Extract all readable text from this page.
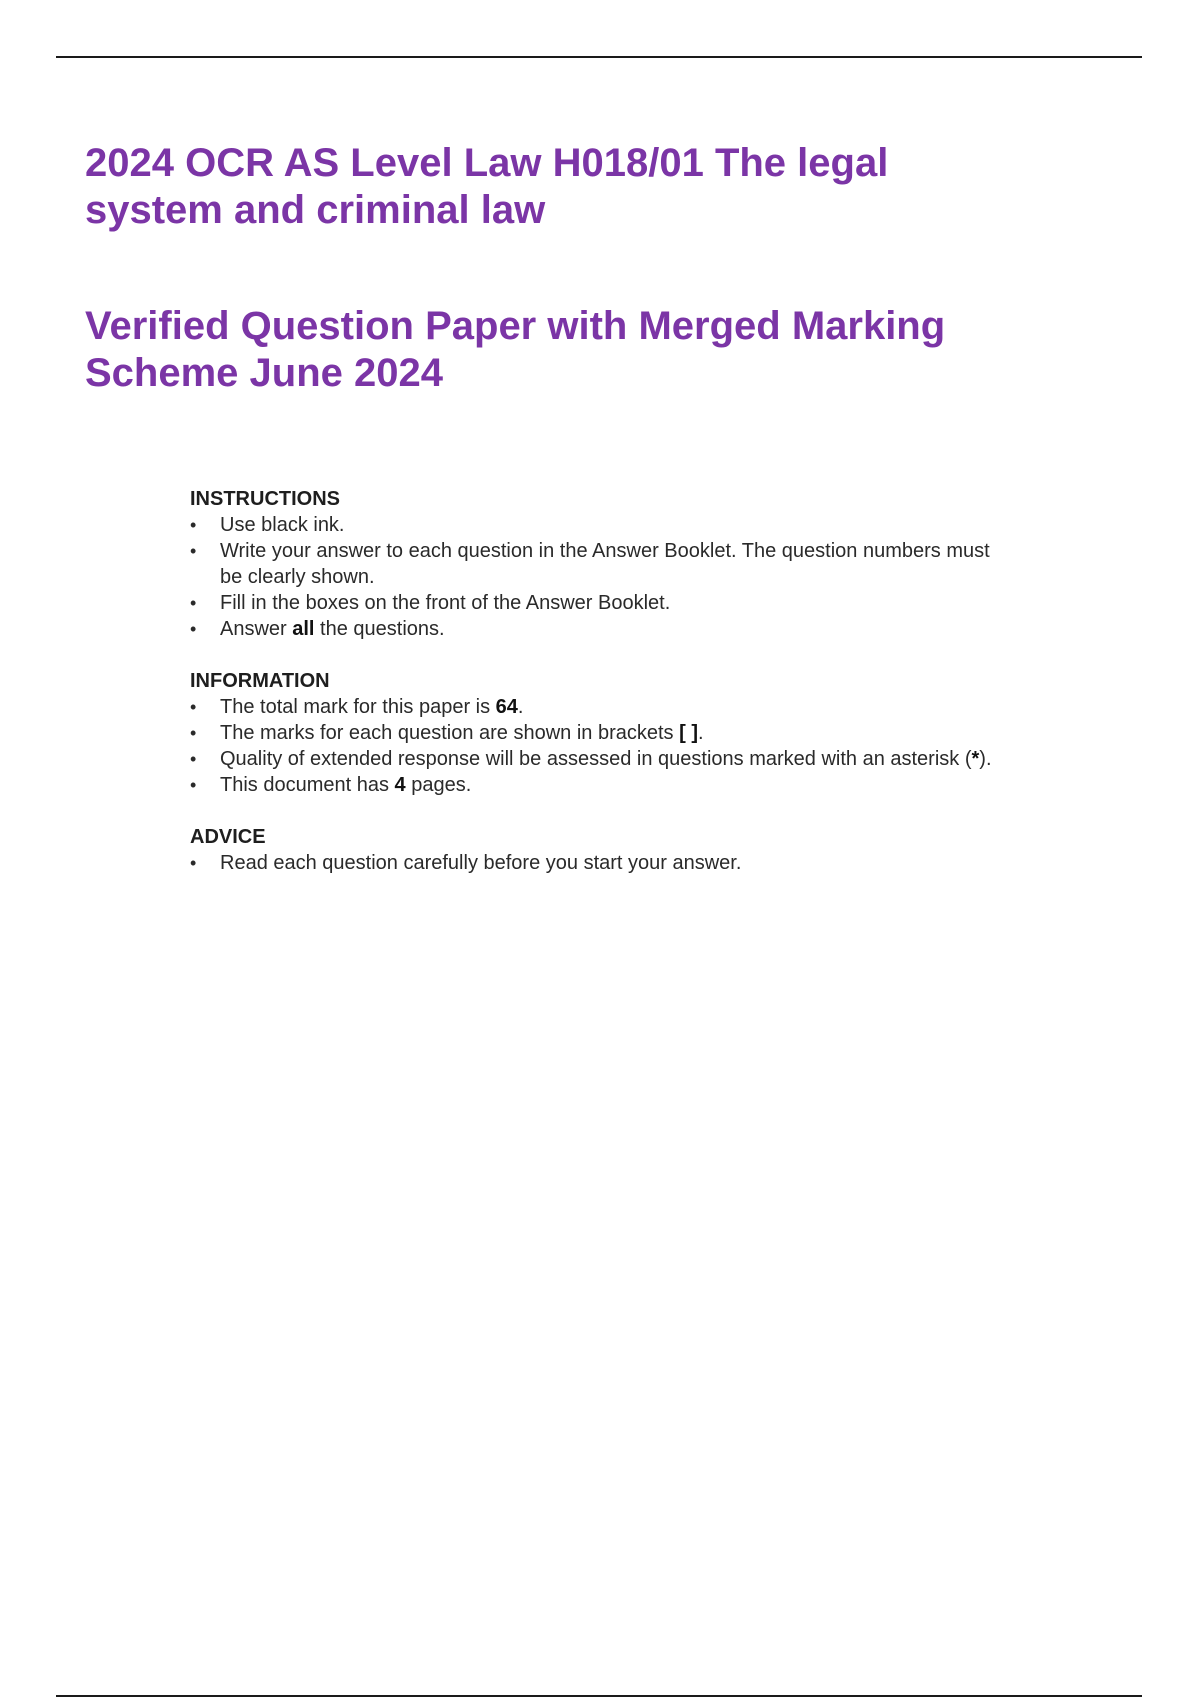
2024 OCR AS Level Law H018/01 The legal
system and criminal law
Verified Question Paper with Merged Marking
Scheme June 2024
INSTRUCTIONS
•	Use black ink.
•	Write your answer to each question in the Answer Booklet. The question numbers must
be clearly shown.
•	Fill in the boxes on the front of the Answer Booklet.
•	Answer all the questions.
INFORMATION
•	The total mark for this paper is 64.
•	The marks for each question are shown in brackets [ ].
•	Quality of extended response will be assessed in questions marked with an asterisk (*).
•	This document has 4 pages.
ADVICE
•	Read each question carefully before you start your answer.
